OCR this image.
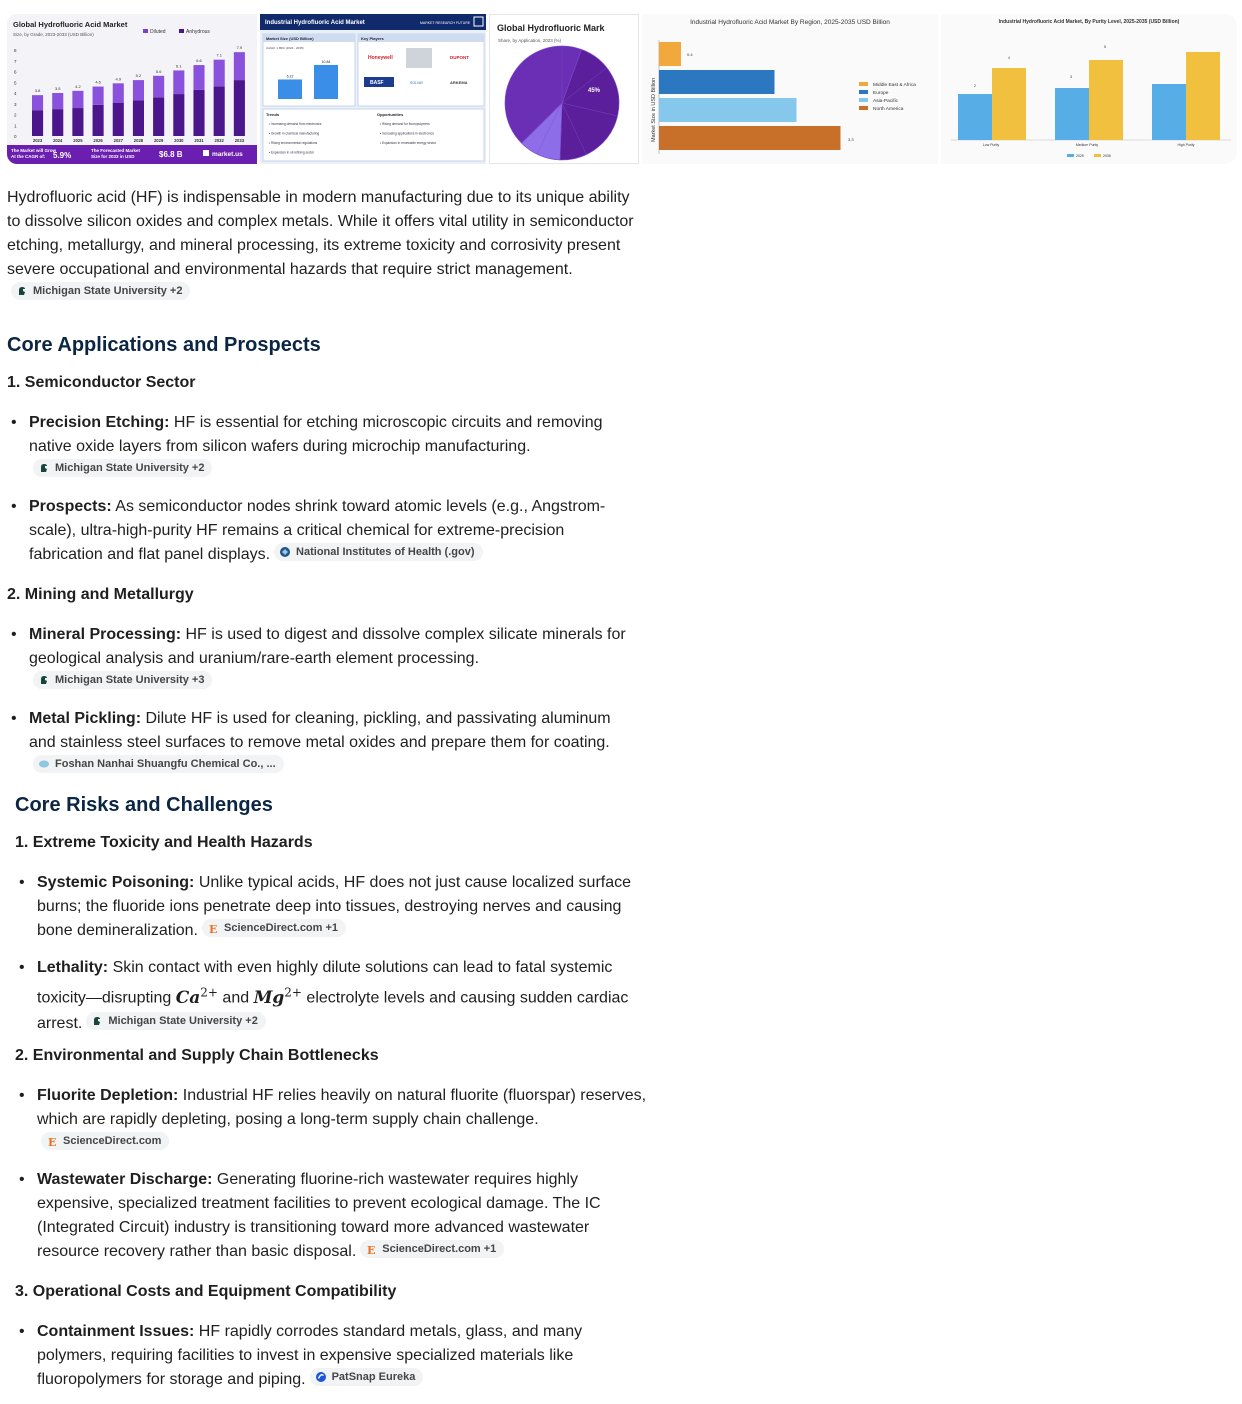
Global Hydrofluoric Acid Market
Size, by Grade, 2023-2033 (USD Billion)	Diluted	Anhydrous
8
7
6
5
4
3
2
1
0
3.8	3.5	4.2
4.6
4.9
5.2
5.6
6.1
6.6
7.1
7.9
2023	2024	2025	2026	2027	2028	2029	2030	2031	2032	2033
The Market will Grow
At the CAGR of: 5.9%
The Forecasted Market
Size for 2033 in USD	$6.8 B	market.us
Industrial Hydrofluoric Acid Market	MARKET RESEARCH FUTURE
Market Size (USD Billion)
CAGR: 1.89% (2024 - 2035)
6.22
10.84
Key Players
Honeywell	DUPONT
BASF	SOLVAY	ARKEMA
Trends	Opportunities
• Increasing demand from electronics
• Growth in chemical manufacturing
• Rising environmental regulations
• Expansion in oil refining sector
• Rising demand for fluoropolymers
• Increasing applications in electronics
• Expansion in renewable energy sector
Global Hydrofluoric Mark
Share, by Application, 2023 (%)
45%
Industrial Hydrofluoric Acid Market By Region, 2025-2035 USD Billion
Market Size in USD Billion
0.4
3.3
Middle East & Africa
Europe
Asia-Pacific
North America
Industrial Hydrofluoric Acid Market, By Purity Level, 2025-2035 (USD Billion)
2
4
3
5
Low Purity	Medium Purity	High Purity
2025	2035

Hydrofluoric acid (HF) is indispensable in modern manufacturing due to its unique ability to dissolve silicon oxides and complex metals. While it offers vital utility in semiconductor etching, metallurgy, and mineral processing, its extreme toxicity and corrosivity present severe occupational and environmental hazards that require strict management.
Michigan State University +2

Core Applications and Prospects
1. Semiconductor Sector
• Precision Etching: HF is essential for etching microscopic circuits and removing native oxide layers from silicon wafers during microchip manufacturing.
Michigan State University +2
• Prospects: As semiconductor nodes shrink toward atomic levels (e.g., Angstrom-scale), ultra-high-purity HF remains a critical chemical for extreme-precision fabrication and flat panel displays. National Institutes of Health (.gov)
2. Mining and Metallurgy
• Mineral Processing: HF is used to digest and dissolve complex silicate minerals for geological analysis and uranium/rare-earth element processing.
Michigan State University +3
• Metal Pickling: Dilute HF is used for cleaning, pickling, and passivating aluminum and stainless steel surfaces to remove metal oxides and prepare them for coating.
Foshan Nanhai Shuangfu Chemical Co., ...
Core Risks and Challenges
1. Extreme Toxicity and Health Hazards
• Systemic Poisoning: Unlike typical acids, HF does not just cause localized surface burns; the fluoride ions penetrate deep into tissues, destroying nerves and causing bone demineralization. E ScienceDirect.com +1
• Lethality: Skin contact with even highly dilute solutions can lead to fatal systemic toxicity—disrupting $Ca^{2+}$ and $Mg^{2+}$ electrolyte levels and causing sudden cardiac arrest. Michigan State University +2
2. Environmental and Supply Chain Bottlenecks
• Fluorite Depletion: Industrial HF relies heavily on natural fluorite (fluorspar) reserves, which are rapidly depleting, posing a long-term supply chain challenge.
E ScienceDirect.com
• Wastewater Discharge: Generating fluorine-rich wastewater requires highly expensive, specialized treatment facilities to prevent ecological damage. The IC (Integrated Circuit) industry is transitioning toward more advanced wastewater resource recovery rather than basic disposal. E ScienceDirect.com +1
3. Operational Costs and Equipment Compatibility
• Containment Issues: HF rapidly corrodes standard metals, glass, and many polymers, requiring facilities to invest in expensive specialized materials like fluoropolymers for storage and piping. PatSnap Eureka
